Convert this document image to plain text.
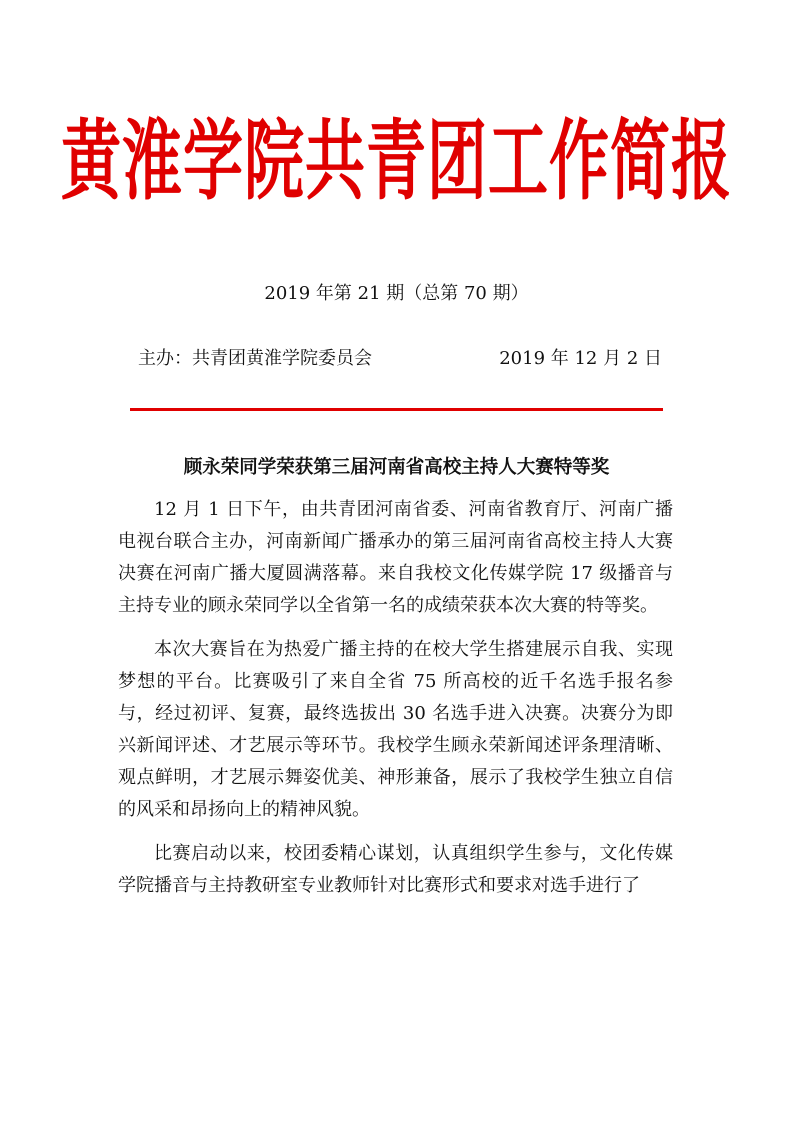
黄淮学院共青团工作简报
2019 年第 21 期（总第 70 期）
主办：共青团黄淮学院委员会	2019 年 12 月 2 日
顾永荣同学荣获第三届河南省高校主持人大赛特等奖

12 月 1 日下午，由共青团河南省委、河南省教育厅、河南广播电视台联合主办，河南新闻广播承办的第三届河南省高校主持人大赛决赛在河南广播大厦圆满落幕。来自我校文化传媒学院 17 级播音与主持专业的顾永荣同学以全省第一名的成绩荣获本次大赛的特等奖。

本次大赛旨在为热爱广播主持的在校大学生搭建展示自我、实现梦想的平台。比赛吸引了来自全省 75 所高校的近千名选手报名参与，经过初评、复赛，最终选拔出 30 名选手进入决赛。决赛分为即兴新闻评述、才艺展示等环节。我校学生顾永荣新闻述评条理清晰、观点鲜明，才艺展示舞姿优美、神形兼备，展示了我校学生独立自信的风采和昂扬向上的精神风貌。

比赛启动以来，校团委精心谋划，认真组织学生参与，文化传媒学院播音与主持教研室专业教师针对比赛形式和要求对选手进行了
